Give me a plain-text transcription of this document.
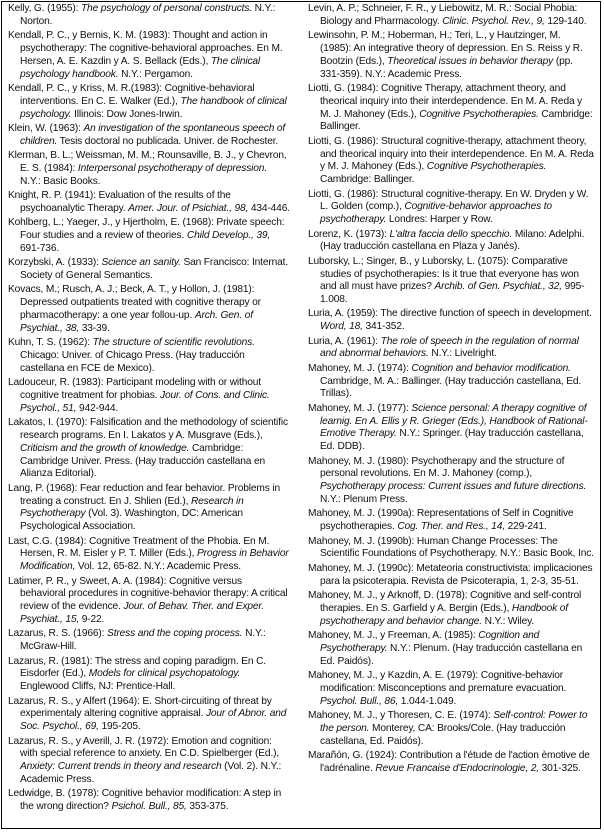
Kelly, G. (1955): The psychology of personal constructs. N.Y.: Norton.

Kendall, P. C., y Bernis, K. M. (1983): Thought and action in psychotherapy: The cognitive-behavioral approaches. En M. Hersen, A. E. Kazdin y A. S. Bellack (Eds.), The clinical psychology handbook. N.Y.: Pergamon.

Kendall, P. C., y Kriss, M. R.(1983): Cognitive-behavioral interventions. En C. E. Walker (Ed.), The handbook of clinical psychology. Illinois: Dow Jones-Irwin.

Klein, W. (1963): An investigation of the spontaneous speech of children. Tesis doctoral no publicada. Univer. de Rochester.

Klerman, B. L.; Weissman, M. M.; Rounsaville, B. J., y Chevron, E. S. (1984): Interpersonal psychotherapy of depression. N.Y.: Basic Books.

Knight, R. P. (1941): Evaluation of the results of the psychoanalytic Therapy. Amer. Jour. of Psichiat., 98, 434-446.

Kohlberg, L.; Yaeger, J., y Hjertholm, E. (1968): Private speech: Four studies and a review of theories. Child Develop., 39, 691-736.

Korzybski, A. (1933): Science an sanity. San Francisco: Internat. Society of General Semantics.

Kovacs, M.; Rusch, A. J.; Beck, A. T., y Hollon, J. (1981): Depressed outpatients treated with cognitive therapy or pharmacotherapy: a one year follou-up. Arch. Gen. of Psychiat., 38, 33-39.

Kuhn, T. S. (1962): The structure of scientific revolutions. Chicago: Univer. of Chicago Press. (Hay traducción castellana en FCE de Mexico).

Ladouceur, R. (1983): Participant modeling with or without cognitive treatment for phobias. Jour. of Cons. and Clinic. Psychol., 51, 942-944.

Lakatos, I. (1970): Falsification and the methodology of scientific research programs. En I. Lakatos y A. Musgrave (Eds.), Criticism and the growth of knowledge. Cambridge: Cambridge Univer. Press. (Hay traducción castellana en Alianza Editorial).

Lang, P. (1968): Fear reduction and fear behavior. Problems in treating a construct. En J. Shlien (Ed.), Research in Psychotherapy (Vol. 3). Washington, DC: American Psychological Association.

Last, C.G. (1984): Cognitive Treatment of the Phobia. En M. Hersen, R. M. Eisler y P. T. Miller (Eds.), Progress in Behavior Modification, Vol. 12, 65-82. N.Y.: Academic Press.

Latimer, P. R., y Sweet, A. A. (1984): Cognitive versus behavioral procedures in cognitive-behavior therapy: A critical review of the evidence. Jour. of Behav. Ther. and Exper. Psychiat., 15, 9-22.

Lazarus, R. S. (1966): Stress and the coping process. N.Y.: McGraw-Hill.

Lazarus, R. (1981): The stress and coping paradigm. En C. Eisdorfer (Ed.), Models for clinical psychopatology. Englewood Cliffs, NJ: Prentice-Hall.

Lazarus, R. S., y Alfert (1964): E. Short-circuiting of threat by experimentaly altering cognitive appraisal. Jour of Abnor. and Soc. Psychol., 69, 195-205.

Lazarus, R. S., y Averill, J. R. (1972): Emotion and cognition: with special reference to anxiety. En C.D. Spielberger (Ed.), Anxiety: Current trends in theory and research (Vol. 2). N.Y.: Academic Press.

Ledwidge, B. (1978): Cognitive behavior modification: A step in the wrong direction? Psichol. Bull., 85, 353-375.

Levin, A. P.; Schneier, F. R., y Liebowitz, M. R.: Social Phobia: Biology and Pharmacology. Clinic. Psychol. Rev., 9, 129-140.

Lewinsohn, P. M.; Hoberman, H.; Teri, L., y Hautzinger, M. (1985): An integrative theory of depression. En S. Reiss y R. Bootzin (Eds.), Theoretical issues in behavior therapy (pp. 331-359). N.Y.: Academic Press.

Liotti, G. (1984): Cognitive Therapy, attachment theory, and theorical inquiry into their interdependence. En M. A. Reda y M. J. Mahoney (Eds.), Cognitive Psychotherapies. Cambridge: Ballinger.

Liotti, G. (1986): Structural cognitive-therapy, attachment theory, and theorical inquiry into their interdependence. En M. A. Reda y M. J. Mahoney (Eds.), Cognitive Psychotherapies. Cambridge: Ballinger.

Liotti, G. (1986): Structural cognitive-therapy. En W. Dryden y W. L. Golden (comp.), Cognitive-behavior approaches to psychotherapy. Londres: Harper y Row.

Lorenz, K. (1973): L'altra faccia dello specchio. Milano: Adelphi. (Hay traducción castellana en Plaza y Janés).

Luborsky, L.; Singer, B., y Luborsky, L. (1075): Comparative studies of psychotherapies: Is it true that everyone has won and all must have prizes? Archib. of Gen. Psychiat., 32, 995-1.008.

Luria, A. (1959): The directive function of speech in development. Word, 18, 341-352.

Luria, A. (1961): The role of speech in the regulation of normal and abnormal behaviors. N.Y.: Livelright.

Mahoney, M. J. (1974): Cognition and behavior modification. Cambridge, M. A.: Ballinger. (Hay traducción castellana, Ed. Trillas).

Mahoney, M. J. (1977): Science personal: A therapy cognitive of learnig. En A. Ellis y R. Grieger (Eds.), Handbook of Rational-Emotive Therapy. N.Y.: Springer. (Hay traducción castellana, Ed. DDB).

Mahoney, M. J. (1980): Psychotherapy and the structure of personal revolutions. En M. J. Mahoney (comp.), Psychotherapy process: Current issues and future directions. N.Y.: Plenum Press.

Mahoney, M. J. (1990a): Representations of Self in Cognitive psychotherapies. Cog. Ther. and Res., 14, 229-241.

Mahoney, M. J. (1990b): Human Change Processes: The Scientific Foundations of Psychotherapy. N.Y.: Basic Book, Inc.

Mahoney, M. J. (1990c): Metateoria constructivista: implicaciones para la psicoterapia. Revista de Psicoterapia, 1, 2-3, 35-51.

Mahoney, M. J., y Arknoff, D. (1978): Cognitive and self-control therapies. En S. Garfield y A. Bergin (Eds.), Handbook of psychotherapy and behavior change. N.Y.: Wiley.

Mahoney, M. J., y Freeman, A. (1985): Cognition and Psychotherapy. N.Y.: Plenum. (Hay traducción castellana en Ed. Paidós).

Mahoney, M. J., y Kazdin, A. E. (1979): Cognitive-behavior modification: Misconceptions and premature evacuation. Psychol. Bull., 86, 1.044-1.049.

Mahoney, M. J., y Thoresen, C. E. (1974): Self-control: Power to the person. Monterey, CA: Brooks/Cole. (Hay traducción castellana, Ed. Paidós).

Marañón, G. (1924): Contribution a l'étude de l'action èmotive de l'adrénaline. Revue Francaise d'Endocrinologie, 2, 301-325.
